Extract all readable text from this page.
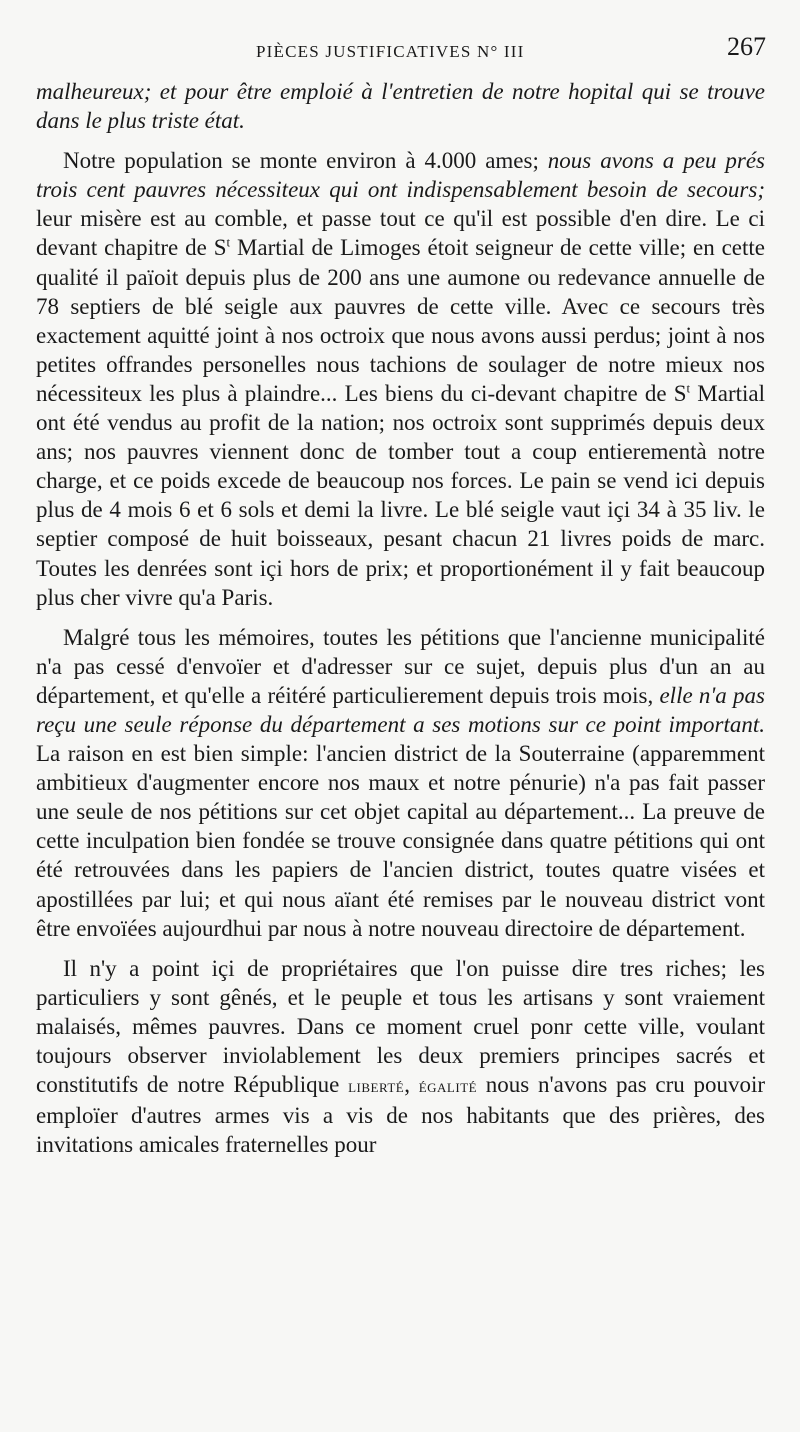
PIÈCES JUSTIFICATIVES N° III	267

malheureux; et pour être emploié à l'entretien de notre hopital qui se trouve dans le plus triste état.

Notre population se monte environ à 4.000 ames; nous avons a peu prés trois cent pauvres nécessiteux qui ont indispensablement besoin de secours; leur misère est au comble, et passe tout ce qu'il est possible d'en dire. Le ci devant chapitre de $S^t$ Martial de Limoges étoit seigneur de cette ville; en cette qualité il païoit depuis plus de 200 ans une aumone ou redevance annuelle de 78 septiers de blé seigle aux pauvres de cette ville. Avec ce secours très exactement aquitté joint à nos octroix que nous avons aussi perdus; joint à nos petites offrandes personelles nous tachions de soulager de notre mieux nos nécessiteux les plus à plaindre... Les biens du ci-devant chapitre de $S^t$ Martial ont été vendus au profit de la nation; nos octroix sont supprimés depuis deux ans; nos pauvres viennent donc de tomber tout a coup entierementà notre charge, et ce poids excede de beaucoup nos forces. Le pain se vend ici depuis plus de 4 mois 6 et 6 sols et demi la livre. Le blé seigle vaut içi 34 à 35 liv. le septier composé de huit boisseaux, pesant chacun 21 livres poids de marc. Toutes les denrées sont içi hors de prix; et proportionément il y fait beaucoup plus cher vivre qu'a Paris.

Malgré tous les mémoires, toutes les pétitions que l'ancienne municipalité n'a pas cessé d'envoïer et d'adresser sur ce sujet, depuis plus d'un an au département, et qu'elle a réitéré particulierement depuis trois mois, elle n'a pas reçu une seule réponse du département a ses motions sur ce point important. La raison en est bien simple: l'ancien district de la Souterraine (apparemment ambitieux d'augmenter encore nos maux et notre pénurie) n'a pas fait passer une seule de nos pétitions sur cet objet capital au département... La preuve de cette inculpation bien fondée se trouve consignée dans quatre pétitions qui ont été retrouvées dans les papiers de l'ancien district, toutes quatre visées et apostillées par lui; et qui nous aïant été remises par le nouveau district vont être envoïées aujourdhui par nous à notre nouveau directoire de département.

Il n'y a point içi de propriétaires que l'on puisse dire tres riches; les particuliers y sont gênés, et le peuple et tous les artisans y sont vraiement malaisés, mêmes pauvres. Dans ce moment cruel ponr cette ville, voulant toujours observer inviolablement les deux premiers principes sacrés et constitutifs de notre République liberté, égalité nous n'avons pas cru pouvoir emploïer d'autres armes vis a vis de nos habitants que des prières, des invitations amicales fraternelles pour
